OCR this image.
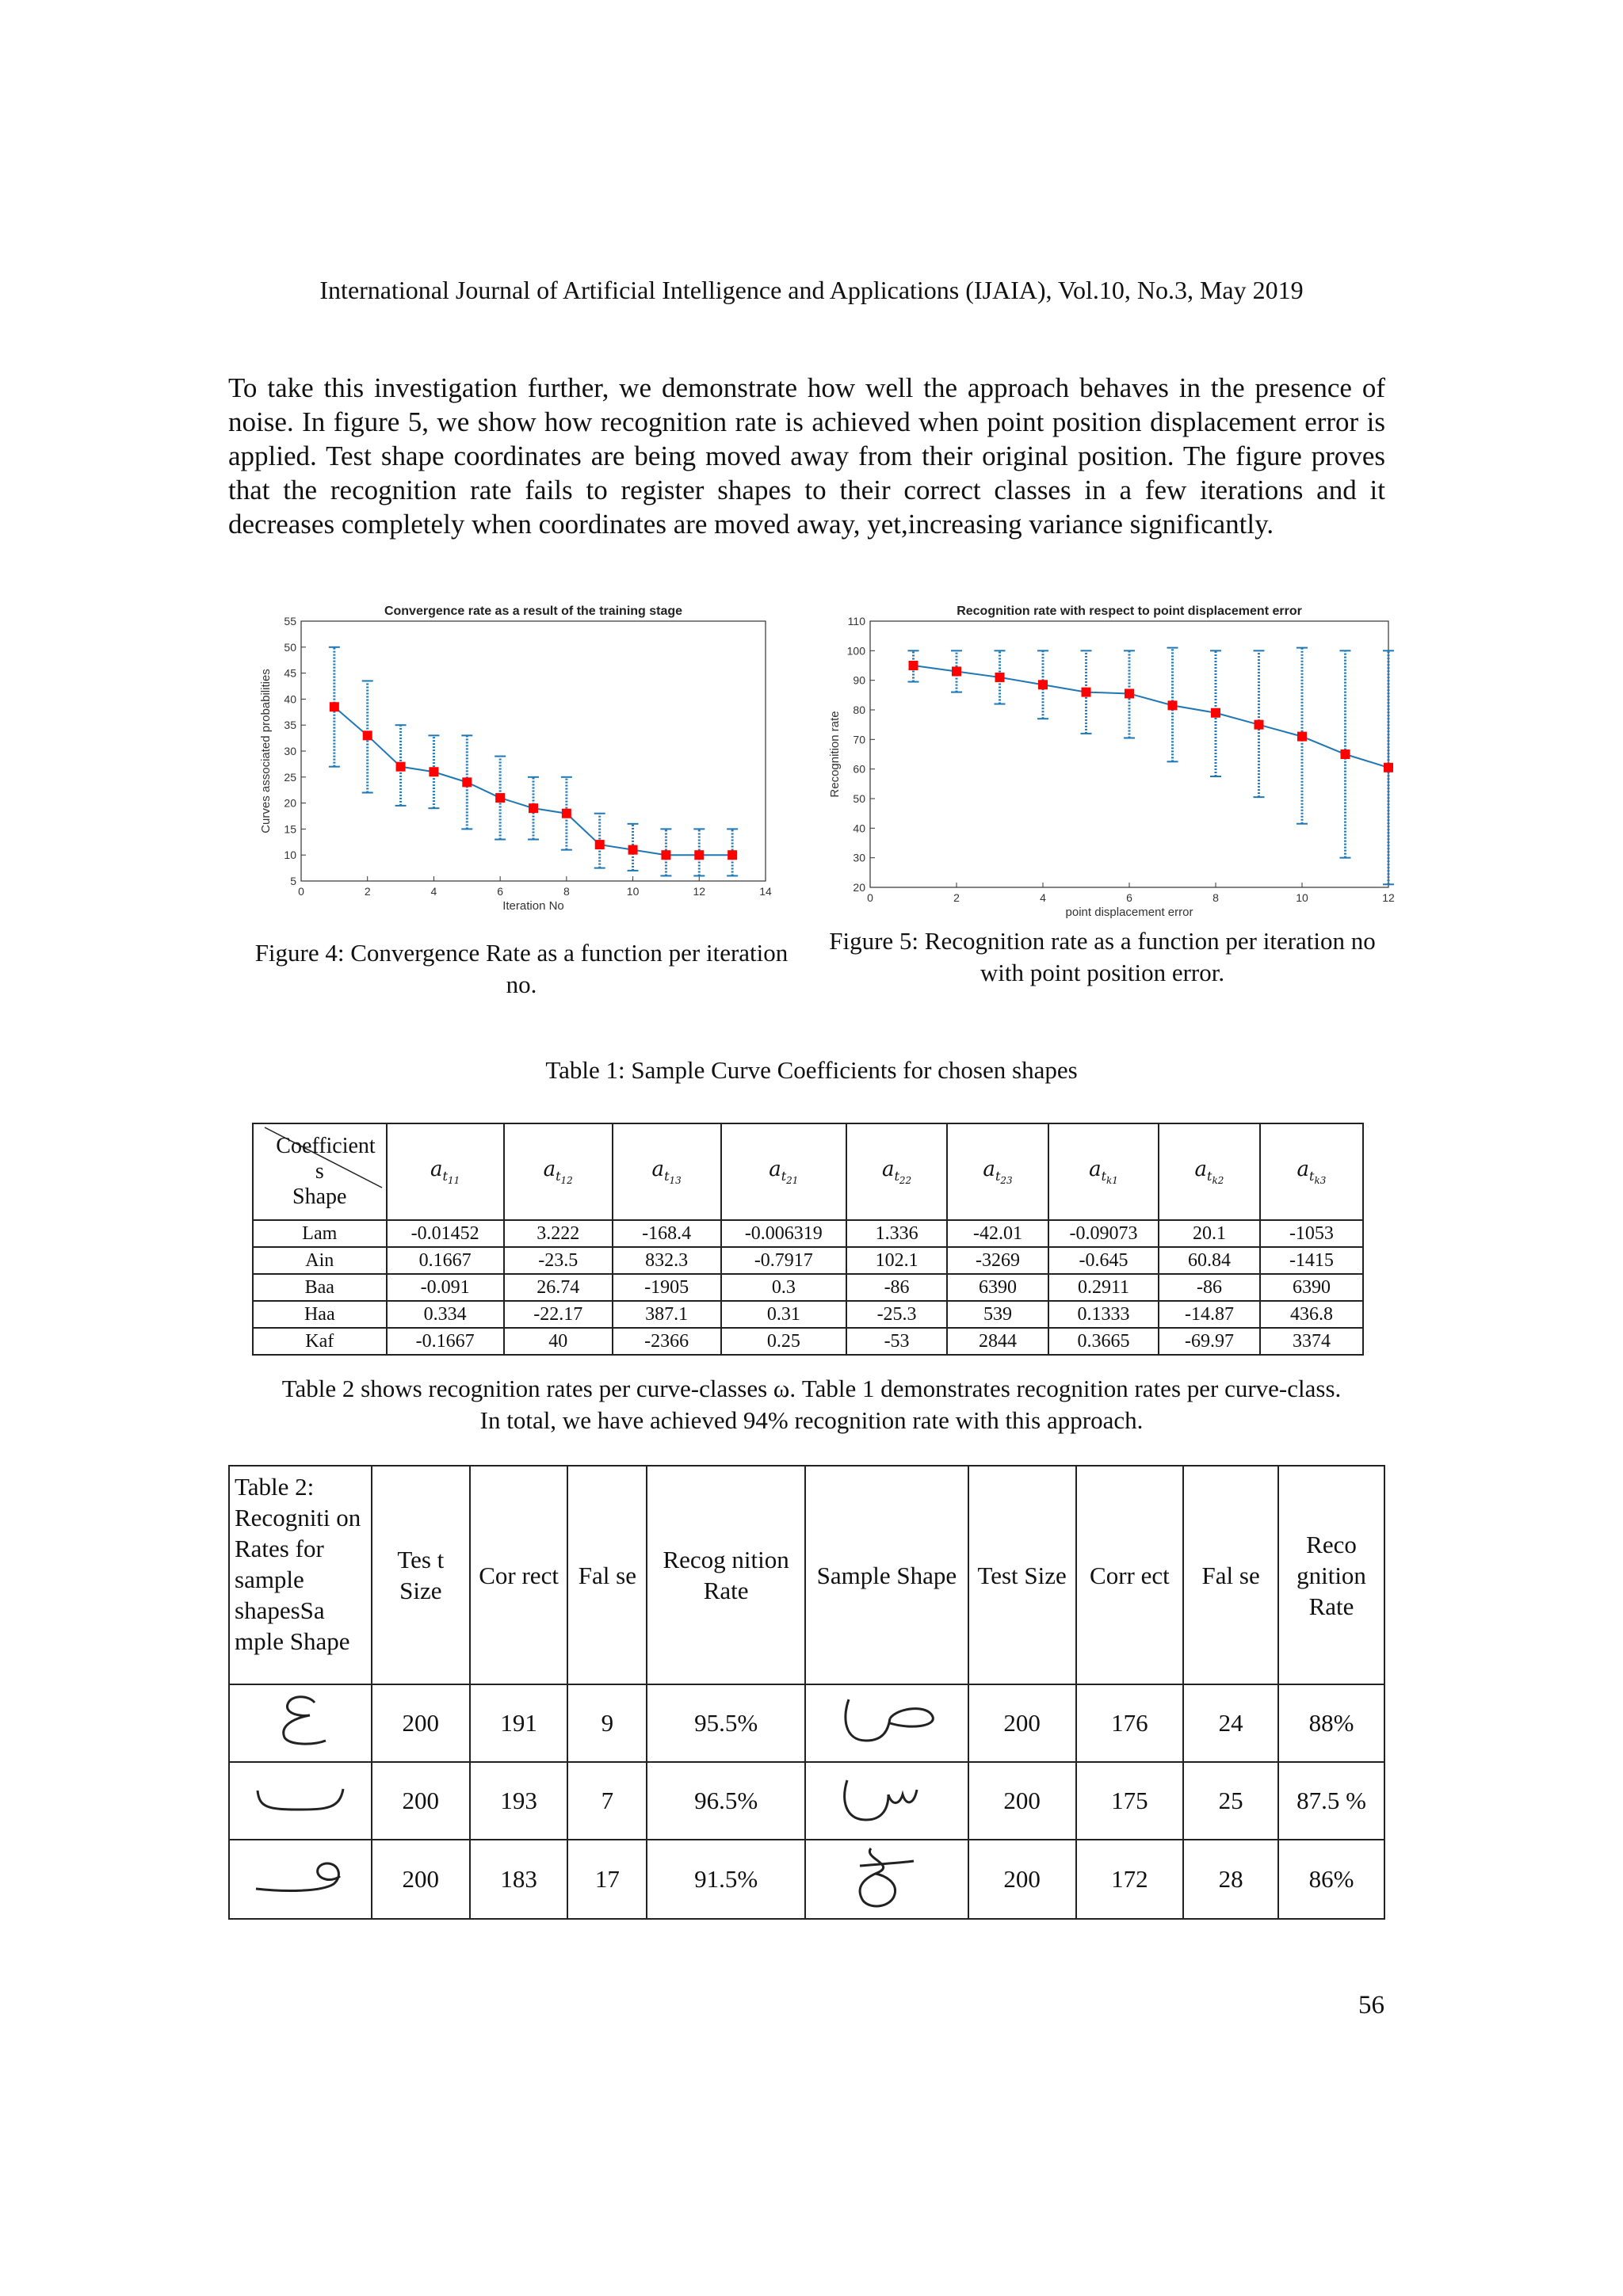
International Journal of Artificial Intelligence and Applications (IJAIA), Vol.10, No.3, May 2019

To take this investigation further, we demonstrate how well the approach behaves in the presence of noise. In figure 5, we show how recognition rate is achieved when point position displacement error is applied. Test shape coordinates are being moved away from their original position. The figure proves that the recognition rate fails to register shapes to their correct classes in a few iterations and it decreases completely when coordinates are moved away, yet,increasing variance significantly.

0	2	4	6	8	10	12	14
5
10
15
20
25
30
35
40
45
50
55
Convergence rate as a result of the training stage
Iteration No
Curves associated probabilities
0	2	4	6	8	10	12
20
30
40
50
60
70
80
90
100
110
Recognition rate with respect to point displacement error
point displacement error
Recognition rate
Figure 4: Convergence Rate as a function per iteration no.
Figure 5: Recognition rate as a function per iteration no with point position error.
Table 1: Sample Curve Coefficients for chosen shapes
Coefficient s
Shape	$a_{t_{11}}$	$a_{t_{12}}$	$a_{t_{13}}$	$a_{t_{21}}$	$a_{t_{22}}$	$a_{t_{23}}$	$a_{t_{k1}}$	$a_{t_{k2}}$	$a_{t_{k3}}$
Lam	-0.01452	3.222	-168.4	-0.006319	1.336	-42.01	-0.09073	20.1	-1053
Ain	0.1667	-23.5	832.3	-0.7917	102.1	-3269	-0.645	60.84	-1415
Baa	-0.091	26.74	-1905	0.3	-86	6390	0.2911	-86	6390
Haa	0.334	-22.17	387.1	0.31	-25.3	539	0.1333	-14.87	436.8
Kaf	-0.1667	40	-2366	0.25	-53	2844	0.3665	-69.97	3374

Table 2 shows recognition rates per curve-classes ω. Table 1 demonstrates recognition rates per curve-class. In total, we have achieved 94% recognition rate with this approach.

Table 2: Recogniti on Rates for sample shapesSa mple Shape	Tes t Size	Cor rect	Fal se	Recog nition Rate	Sample Shape	Test Size	Corr ect	Fal se	Reco gnition Rate
	200	191	9	95.5%		200	176	24	88%
	200	193	7	96.5%		200	175	25	87.5 %
	200	183	17	91.5%		200	172	28	86%
56
